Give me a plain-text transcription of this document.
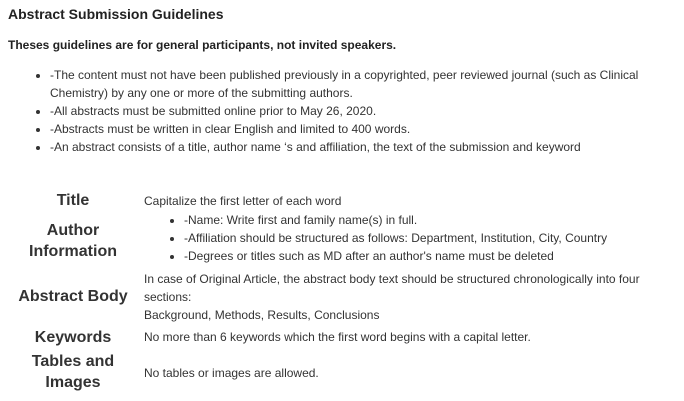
Abstract Submission Guidelines
Theses guidelines are for general participants, not invited speakers.
• -The content must not have been published previously in a copyrighted, peer reviewed journal (such as Clinical Chemistry) by any one or more of the submitting authors.
• -All abstracts must be submitted online prior to May 26, 2020.
• -Abstracts must be written in clear English and limited to 400 words.
• -An abstract consists of a title, author name ‘s and affiliation, the text of the submission and keyword
Title	Capitalize the first letter of each word
Author Information
• -Name: Write first and family name(s) in full.
• -Affiliation should be structured as follows: Department, Institution, City, Country
• -Degrees or titles such as MD after an author's name must be deleted
Abstract Body
In case of Original Article, the abstract body text should be structured chronologically into four sections:
Background, Methods, Results, Conclusions
Keywords	No more than 6 keywords which the first word begins with a capital letter.
Tables and Images
No tables or images are allowed.
